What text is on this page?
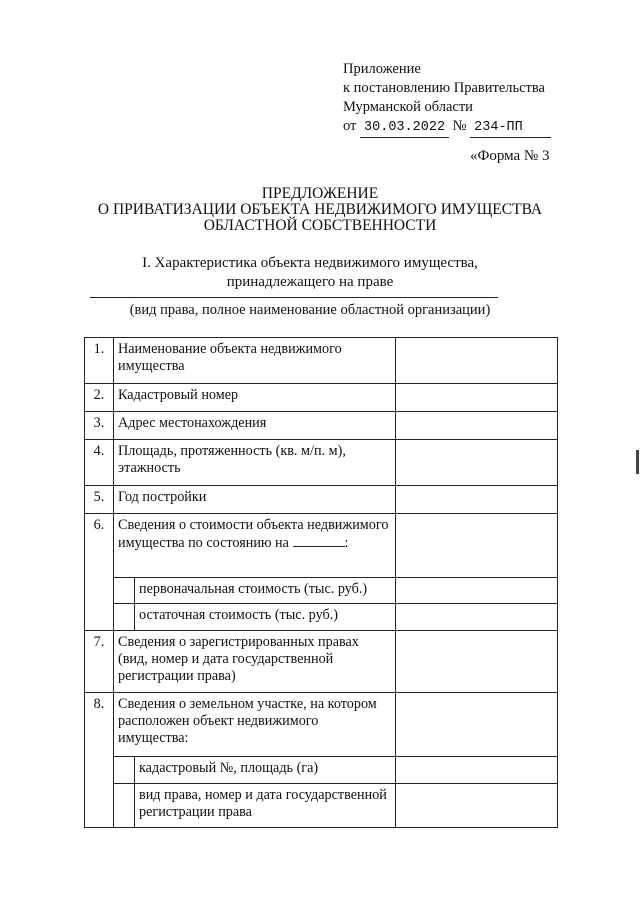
Приложение
к постановлению Правительства
Мурманской области
от 30.03.2022 № 234-ПП
«Форма № 3
ПРЕДЛОЖЕНИЕ
О ПРИВАТИЗАЦИИ ОБЪЕКТА НЕДВИЖИМОГО ИМУЩЕСТВА
ОБЛАСТНОЙ СОБСТВЕННОСТИ
I. Характеристика объекта недвижимого имущества,
принадлежащего на праве
(вид права, полное наименование областной организации)
1.	Наименование объекта недвижимого имущества		
2.	Кадастровый номер		
3.	Адрес местонахождения		
4.	Площадь, протяженность (кв. м/п. м), этажность		
5.	Год постройки		
6.	Сведения о стоимости объекта недвижимого имущества по состоянию на :		
		первоначальная стоимость (тыс. руб.)	
		остаточная стоимость (тыс. руб.)	
7.	Сведения о зарегистрированных правах (вид, номер и дата государственной регистрации права)		
8.	Сведения о земельном участке, на котором расположен объект недвижимого имущества:		
		кадастровый №, площадь (га)	
		вид права, номер и дата государственной регистрации права	
